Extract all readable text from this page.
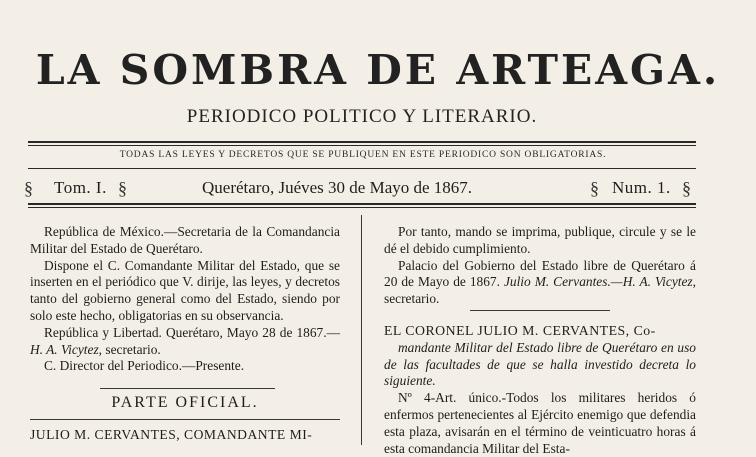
LA SOMBRA DE ARTEAGA.
PERIODICO POLITICO Y LITERARIO.
TODAS LAS LEYES Y DECRETOS QUE SE PUBLIQUEN EN ESTE PERIODICO SON OBLIGATORIAS.
§ Tom. I. §	Querétaro, Juéves 30 de Mayo de 1867.	§ Num. 1. §

República de México.—Secretaria de la Comandancia Militar del Estado de Querétaro.

Dispone el C. Comandante Militar del Estado, que se inserten en el periódico que V. dirije, las leyes, y decretos tanto del gobierno general como del Estado, siendo por solo este hecho, obligatorias en su observancia.

República y Libertad. Querétaro, Mayo 28 de 1867.—H. A. Vicytez, secretario.

C. Director del Periodico.—Presente.

PARTE OFICIAL.
JULIO M. CERVANTES, COMANDANTE MI-

Por tanto, mando se imprima, publique, circule y se le dé el debido cumplimiento.

Palacio del Gobierno del Estado libre de Querétaro á 20 de Mayo de 1867. Julio M. Cervantes.—H. A. Vicytez, secretario.

EL CORONEL JULIO M. CERVANTES, Co-

mandante Militar del Estado libre de Querétaro en uso de las facultades de que se halla investido decreta lo siguiente.

Nº 4-Art. único.-Todos los militares heridos ó enfermos pertenecientes al Ejército enemigo que defendia esta plaza, avisarán en el término de veinticuatro horas á esta comandancia Militar del Esta-
